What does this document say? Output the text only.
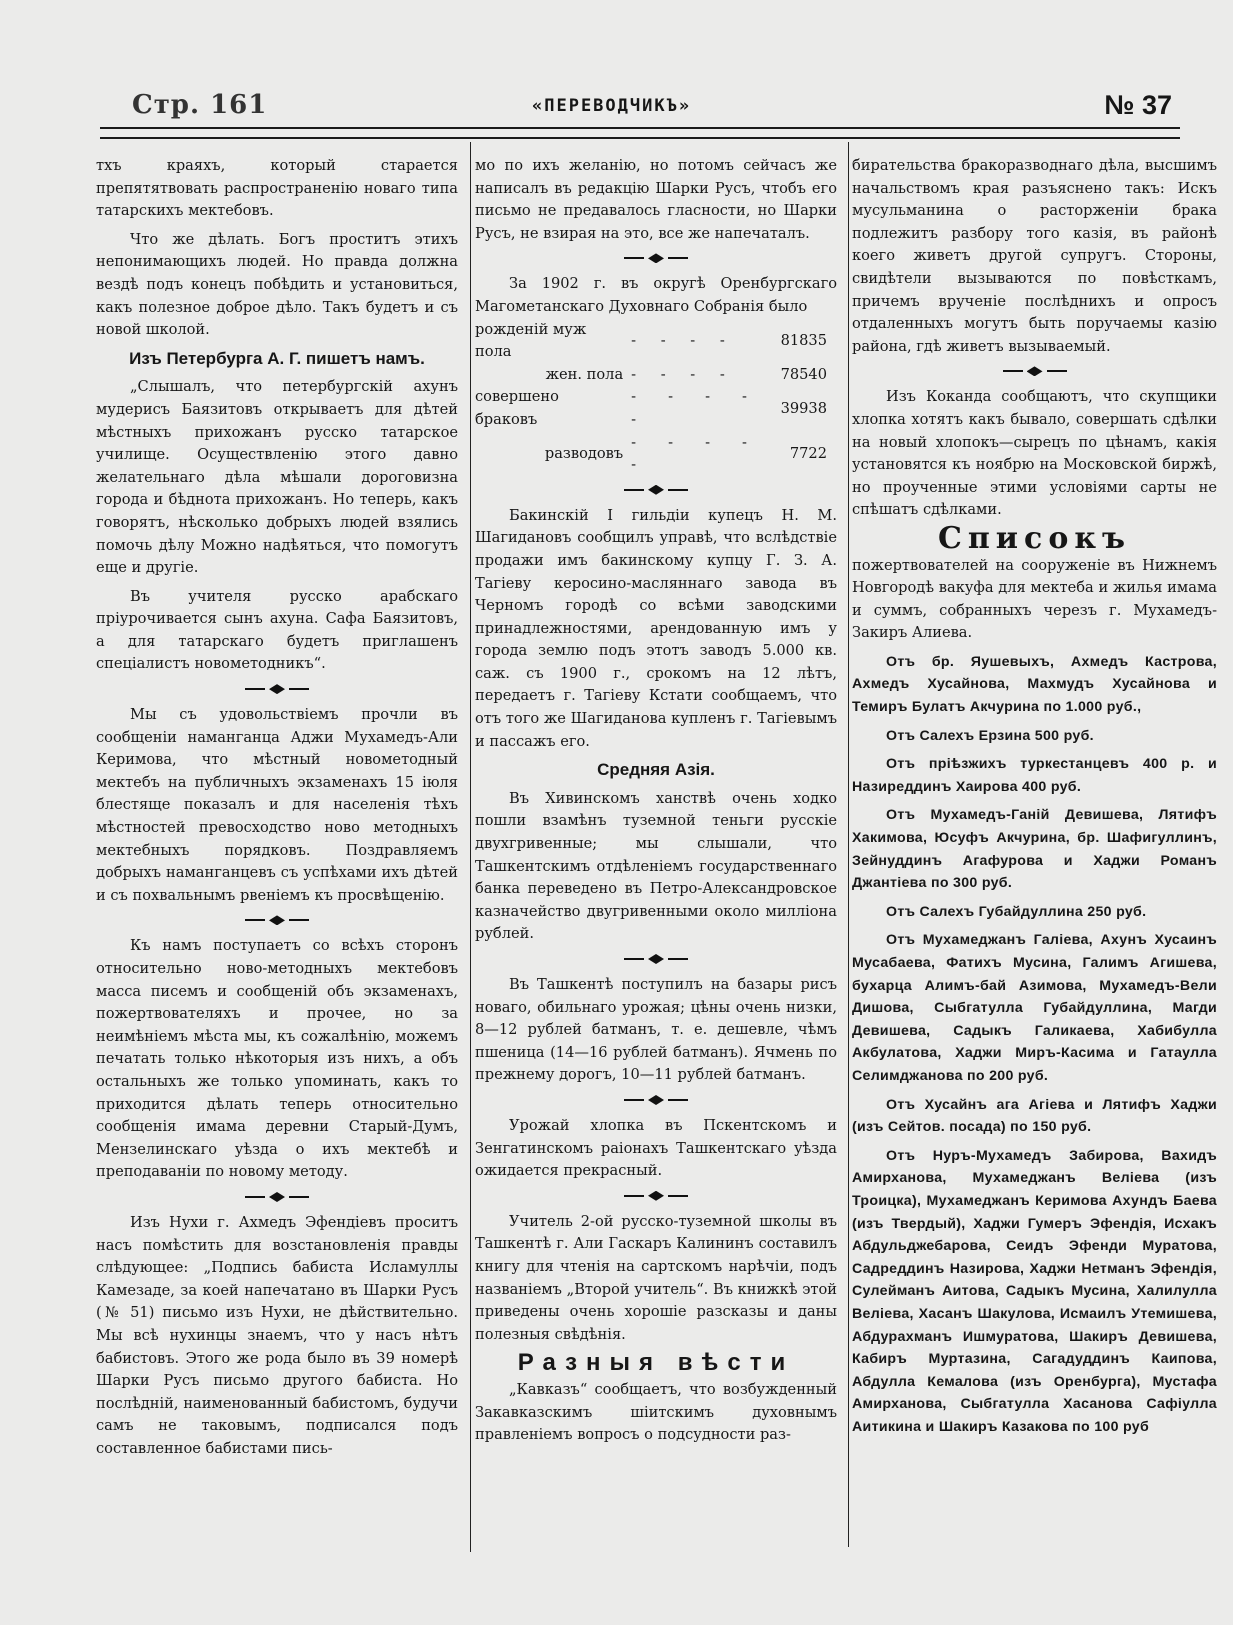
Стр. 161	«ПЕРЕВОДЧИКЪ»	№ 37

тхъ краяхъ, который старается препятятвовать распространенію новаго типа татарскихъ мектебовъ.

Что же дѣлать. Богъ проститъ этихъ непонимающихъ людей. Но правда должна вездѣ подъ конецъ побѣдить и установиться, какъ полезное доброе дѣло. Такъ будетъ и съ новой школой.

Изъ Петербурга А. Г. пишетъ намъ.

„Слышалъ, что петербургскій ахунъ мудерисъ Баязитовъ открываетъ для дѣтей мѣстныхъ прихожанъ русско татарское училище. Осуществленію этого давно желательнаго дѣла мѣшали дороговизна города и бѣднота прихожанъ. Но теперь, какъ говорятъ, нѣсколько добрыхъ людей взялись помочь дѣлу Можно надѣяться, что помогутъ еще и другіе.

Въ учителя русско арабскаго пріурочивается сынъ ахуна. Сафа Баязитовъ, а для татарскаго будетъ приглашенъ спеціалистъ новометодникъ“.

Мы съ удовольствіемъ прочли въ сообщеніи наманганца Аджи Мухамедъ-Али Керимова, что мѣстный новометодный мектебъ на публичныхъ экзаменахъ 15 іюля блестяще показалъ и для населенія тѣхъ мѣстностей превосходство ново методныхъ мектебныхъ порядковъ. Поздравляемъ добрыхъ наманганцевъ съ успѣхами ихъ дѣтей и съ похвальнымъ рвеніемъ къ просвѣщенію.

Къ намъ поступаетъ со всѣхъ сторонъ относительно ново-методныхъ мектебовъ масса писемъ и сообщеній объ экзаменахъ, пожертвователяхъ и прочее, но за неимѣніемъ мѣста мы, къ сожалѣнію, можемъ печатать только нѣкоторыя изъ нихъ, а объ остальныхъ же только упоминать, какъ то приходится дѣлать теперь относительно сообщенія имама деревни Старый-Думъ, Мензелинскаго уѣзда о ихъ мектебѣ и преподаваніи по новому методу.

Изъ Нухи г. Ахмедъ Эфендіевъ проситъ насъ помѣстить для возстановленія правды слѣдующее: „Подпись бабиста Исламуллы Камезаде, за коей напечатано въ Шарки Русъ (№ 51) письмо изъ Нухи, не дѣйствительно. Мы всѣ нухинцы знаемъ, что у насъ нѣтъ бабистовъ. Этого же рода было въ 39 номерѣ Шарки Русъ письмо другого бабиста. Но послѣдній, наименованный бабистомъ, будучи самъ не таковымъ, подписался подъ составленное бабистами пись-

мо по ихъ желанію, но потомъ сейчасъ же написалъ въ редакцію Шарки Русъ, чтобъ его письмо не предавалось гласности, но Шарки Русъ, не взирая на это, все же напечаталъ.

За 1902 г. въ округѣ Оренбургскаго Магометанскаго Духовнаго Собранія было

рожденій муж пола	- - - -	81835
жен. пола	- - - -	78540
совершено браковъ	- - - - -	39938
разводовъ	- - - - -	7722

Бакинскій I гильдіи купецъ Н. М. Шагидановъ сообщилъ управѣ, что вслѣдствіе продажи имъ бакинскому купцу Г. З. А. Тагіеву керосино-масляннаго завода въ Черномъ городѣ со всѣми заводскими принадлежностями, арендованную имъ у города землю подъ этотъ заводъ 5.000 кв. саж. съ 1900 г., срокомъ на 12 лѣтъ, передаетъ г. Тагіеву Кстати сообщаемъ, что отъ того же Шагиданова купленъ г. Тагіевымъ и пассажъ его.

Средняя Азія.

Въ Хивинскомъ ханствѣ очень ходко пошли взамѣнъ туземной теньги русскіе двухгривенные; мы слышали, что Ташкентскимъ отдѣленіемъ государственнаго банка переведено въ Петро-Александровское казначейство двугривенными около милліона рублей.

Въ Ташкентѣ поступилъ на базары рисъ новаго, обильнаго урожая; цѣны очень низки, 8—12 рублей батманъ, т. е. дешевле, чѣмъ пшеница (14—16 рублей батманъ). Ячмень по прежнему дорогъ, 10—11 рублей батманъ.

Урожай хлопка въ Пскентскомъ и Зенгатинскомъ раіонахъ Ташкентскаго уѣзда ожидается прекрасный.

Учитель 2-ой русско-туземной школы въ Ташкентѣ г. Али Гаскаръ Калининъ составилъ книгу для чтенія на сартскомъ нарѣчіи, подъ названіемъ „Второй учитель“. Въ книжкѣ этой приведены очень хорошіе разсказы и даны полезныя свѣдѣнія.

Разныя вѣсти

„Кавказъ“ сообщаетъ, что возбужденный Закавказскимъ шіитскимъ духовнымъ правленіемъ вопросъ о подсудности раз-

бирательства бракоразводнаго дѣла, высшимъ начальствомъ края разъяснено такъ: Искъ мусульманина о расторженіи брака подлежитъ разбору того казія, въ районѣ коего живетъ другой супругъ. Стороны, свидѣтели вызываются по повѣсткамъ, причемъ врученіе послѣднихъ и опросъ отдаленныхъ могутъ быть поручаемы казію района, гдѣ живетъ вызываемый.

Изъ Коканда сообщаютъ, что скупщики хлопка хотятъ какъ бывало, совершать сдѣлки на новый хлопокъ—сырецъ по цѣнамъ, какія установятся къ ноябрю на Московской биржѣ, но проученные этими условіями сарты не спѣшатъ сдѣлками.

Списокъ

пожертвователей на сооруженіе въ Нижнемъ Новгородѣ вакуфа для мектеба и жилья имама и суммъ, собранныхъ черезъ г. Мухамедъ-Закиръ Алиева.

Отъ бр. Яушевыхъ, Ахмедъ Кастрова, Ахмедъ Хусайнова, Махмудъ Хусайнова и Темиръ Булатъ Акчурина по 1.000 руб.,

Отъ Салехъ Ерзина 500 руб.

Отъ пріѣзжихъ туркестанцевъ 400 р. и Назиреддинъ Хаирова 400 руб.

Отъ Мухамедъ-Ганій Девишева, Лятифъ Хакимова, Юсуфъ Акчурина, бр. Шафигуллинъ, Зейнуддинъ Агафурова и Хаджи Романъ Джантіева по 300 руб.

Отъ Салехъ Губайдуллина 250 руб.

Отъ Мухамеджанъ Галіева, Ахунъ Хусаинъ Мусабаева, Фатихъ Мусина, Галимъ Агишева, бухарца Алимъ-бай Азимова, Мухамедъ-Вели Дишова, Сыбгатулла Губайдуллина, Магди Девишева, Садыкъ Галикаева, Хабибулла Акбулатова, Хаджи Миръ-Касима и Гатаулла Селимджанова по 200 руб.

Отъ Хусайнъ ага Агіева и Лятифъ Хаджи (изъ Сейтов. посада) по 150 руб.

Отъ Нуръ-Мухамедъ Забирова, Вахидъ Амирханова, Мухамеджанъ Веліева (изъ Троицка), Мухамеджанъ Керимова Ахундъ Баева (изъ Твердый), Хаджи Гумеръ Эфендія, Исхакъ Абдульджебарова, Сеидъ Эфенди Муратова, Садреддинъ Назирова, Хаджи Нетманъ Эфендія, Сулейманъ Аитова, Садыкъ Мусина, Халилулла Веліева, Хасанъ Шакулова, Исмаилъ Утемишева, Абдурахманъ Ишмуратова, Шакиръ Девишева, Кабиръ Муртазина, Сагадуддинъ Каипова, Абдулла Кемалова (изъ Оренбурга), Мустафа Амирханова, Сыбгатулла Хасанова Сафіулла Аитикина и Шакиръ Казакова по 100 руб
